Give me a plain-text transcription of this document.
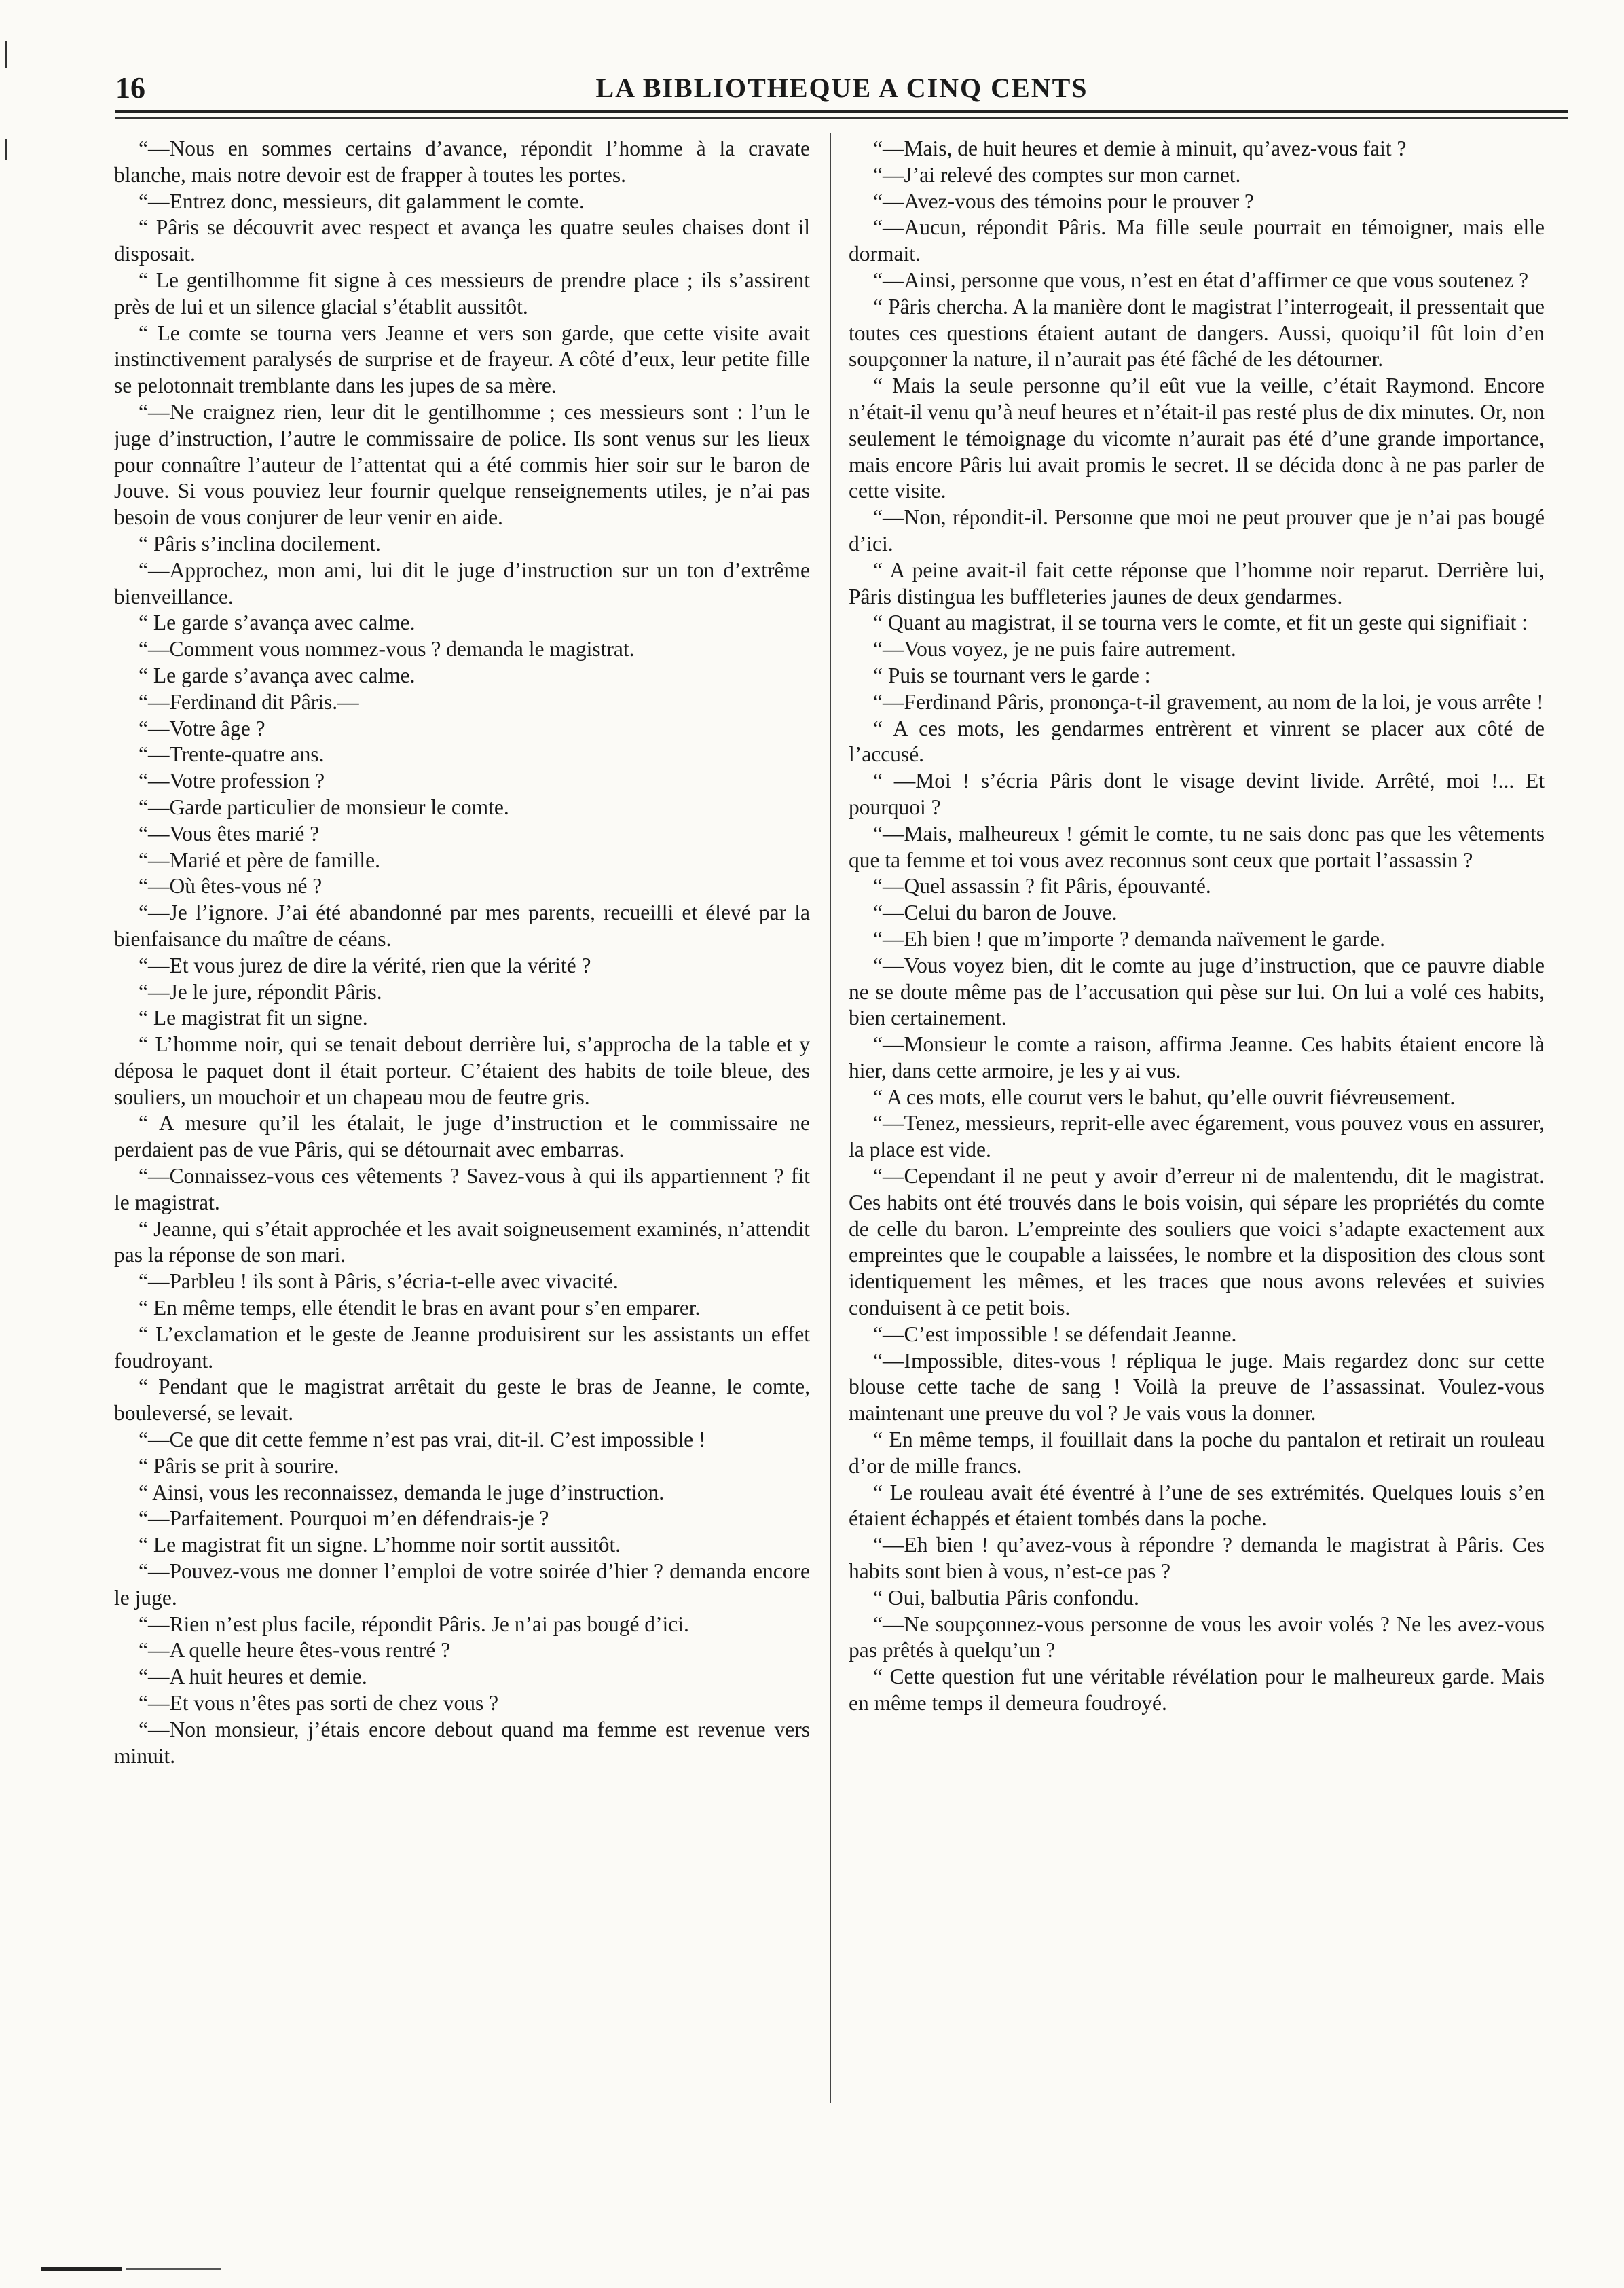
16	LA BIBLIOTHEQUE A CINQ CENTS

“—Nous en sommes certains d’avance, répondit l’homme à la cravate blanche, mais notre devoir est de frapper à toutes les portes.

“—Entrez donc, messieurs, dit galamment le comte.

“ Pâris se découvrit avec respect et avança les quatre seules chaises dont il disposait.

“ Le gentilhomme fit signe à ces messieurs de prendre place ; ils s’assirent près de lui et un silence glacial s’établit aussitôt.

“ Le comte se tourna vers Jeanne et vers son garde, que cette visite avait instinctivement paralysés de surprise et de frayeur. A côté d’eux, leur petite fille se pelotonnait tremblante dans les jupes de sa mère.

“—Ne craignez rien, leur dit le gentilhomme ; ces messieurs sont : l’un le juge d’instruction, l’autre le commissaire de police. Ils sont venus sur les lieux pour connaître l’auteur de l’attentat qui a été commis hier soir sur le baron de Jouve. Si vous pouviez leur fournir quelque renseignements utiles, je n’ai pas besoin de vous conjurer de leur venir en aide.

“ Pâris s’inclina docilement.

“—Approchez, mon ami, lui dit le juge d’instruction sur un ton d’extrême bienveillance.

“ Le garde s’avança avec calme.

“—Comment vous nommez-vous ? demanda le magistrat.

“ Le garde s’avança avec calme.

“—Ferdinand dit Pâris.—

“—Votre âge ?

“—Trente-quatre ans.

“—Votre profession ?

“—Garde particulier de monsieur le comte.

“—Vous êtes marié ?

“—Marié et père de famille.

“—Où êtes-vous né ?

“—Je l’ignore. J’ai été abandonné par mes parents, recueilli et élevé par la bienfaisance du maître de céans.

“—Et vous jurez de dire la vérité, rien que la vérité ?

“—Je le jure, répondit Pâris.

“ Le magistrat fit un signe.

“ L’homme noir, qui se tenait debout derrière lui, s’approcha de la table et y déposa le paquet dont il était porteur. C’étaient des habits de toile bleue, des souliers, un mouchoir et un chapeau mou de feutre gris.

“ A mesure qu’il les étalait, le juge d’instruction et le commissaire ne perdaient pas de vue Pâris, qui se détournait avec embarras.

“—Connaissez-vous ces vêtements ? Savez-vous à qui ils appartiennent ? fit le magistrat.

“ Jeanne, qui s’était approchée et les avait soigneusement examinés, n’attendit pas la réponse de son mari.

“—Parbleu ! ils sont à Pâris, s’écria-t-elle avec vivacité.

“ En même temps, elle étendit le bras en avant pour s’en emparer.

“ L’exclamation et le geste de Jeanne produisirent sur les assistants un effet foudroyant.

“ Pendant que le magistrat arrêtait du geste le bras de Jeanne, le comte, bouleversé, se levait.

“—Ce que dit cette femme n’est pas vrai, dit-il. C’est impossible !

“ Pâris se prit à sourire.

“ Ainsi, vous les reconnaissez, demanda le juge d’instruction.

“—Parfaitement. Pourquoi m’en défendrais-je ?

“ Le magistrat fit un signe. L’homme noir sortit aussitôt.

“—Pouvez-vous me donner l’emploi de votre soirée d’hier ? demanda encore le juge.

“—Rien n’est plus facile, répondit Pâris. Je n’ai pas bougé d’ici.

“—A quelle heure êtes-vous rentré ?

“—A huit heures et demie.

“—Et vous n’êtes pas sorti de chez vous ?

“—Non monsieur, j’étais encore debout quand ma femme est revenue vers minuit.

“—Mais, de huit heures et demie à minuit, qu’avez-vous fait ?

“—J’ai relevé des comptes sur mon carnet.

“—Avez-vous des témoins pour le prouver ?

“—Aucun, répondit Pâris. Ma fille seule pourrait en témoigner, mais elle dormait.

“—Ainsi, personne que vous, n’est en état d’affirmer ce que vous soutenez ?

“ Pâris chercha. A la manière dont le magistrat l’interrogeait, il pressentait que toutes ces questions étaient autant de dangers. Aussi, quoiqu’il fût loin d’en soupçonner la nature, il n’aurait pas été fâché de les détourner.

“ Mais la seule personne qu’il eût vue la veille, c’était Raymond. Encore n’était-il venu qu’à neuf heures et n’était-il pas resté plus de dix minutes. Or, non seulement le témoignage du vicomte n’aurait pas été d’une grande importance, mais encore Pâris lui avait promis le secret. Il se décida donc à ne pas parler de cette visite.

“—Non, répondit-il. Personne que moi ne peut prouver que je n’ai pas bougé d’ici.

“ A peine avait-il fait cette réponse que l’homme noir reparut. Derrière lui, Pâris distingua les buffleteries jaunes de deux gendarmes.

“ Quant au magistrat, il se tourna vers le comte, et fit un geste qui signifiait :

“—Vous voyez, je ne puis faire autrement.

“ Puis se tournant vers le garde :

“—Ferdinand Pâris, prononça-t-il gravement, au nom de la loi, je vous arrête !

“ A ces mots, les gendarmes entrèrent et vinrent se placer aux côté de l’accusé.

“ —Moi ! s’écria Pâris dont le visage devint livide. Arrêté, moi !... Et pourquoi ?

“—Mais, malheureux ! gémit le comte, tu ne sais donc pas que les vêtements que ta femme et toi vous avez reconnus sont ceux que portait l’assassin ?

“—Quel assassin ? fit Pâris, épouvanté.

“—Celui du baron de Jouve.

“—Eh bien ! que m’importe ? demanda naïvement le garde.

“—Vous voyez bien, dit le comte au juge d’instruction, que ce pauvre diable ne se doute même pas de l’accusation qui pèse sur lui. On lui a volé ces habits, bien certainement.

“—Monsieur le comte a raison, affirma Jeanne. Ces habits étaient encore là hier, dans cette armoire, je les y ai vus.

“ A ces mots, elle courut vers le bahut, qu’elle ouvrit fiévreusement.

“—Tenez, messieurs, reprit-elle avec égarement, vous pouvez vous en assurer, la place est vide.

“—Cependant il ne peut y avoir d’erreur ni de malentendu, dit le magistrat. Ces habits ont été trouvés dans le bois voisin, qui sépare les propriétés du comte de celle du baron. L’empreinte des souliers que voici s’adapte exactement aux empreintes que le coupable a laissées, le nombre et la disposition des clous sont identiquement les mêmes, et les traces que nous avons relevées et suivies conduisent à ce petit bois.

“—C’est impossible ! se défendait Jeanne.

“—Impossible, dites-vous ! répliqua le juge. Mais regardez donc sur cette blouse cette tache de sang ! Voilà la preuve de l’assassinat. Voulez-vous maintenant une preuve du vol ? Je vais vous la donner.

“ En même temps, il fouillait dans la poche du pantalon et retirait un rouleau d’or de mille francs.

“ Le rouleau avait été éventré à l’une de ses extrémités. Quelques louis s’en étaient échappés et étaient tombés dans la poche.

“—Eh bien ! qu’avez-vous à répondre ? demanda le magistrat à Pâris. Ces habits sont bien à vous, n’est-ce pas ?

“ Oui, balbutia Pâris confondu.

“—Ne soupçonnez-vous personne de vous les avoir volés ? Ne les avez-vous pas prêtés à quelqu’un ?

“ Cette question fut une véritable révélation pour le malheureux garde. Mais en même temps il demeura foudroyé.
